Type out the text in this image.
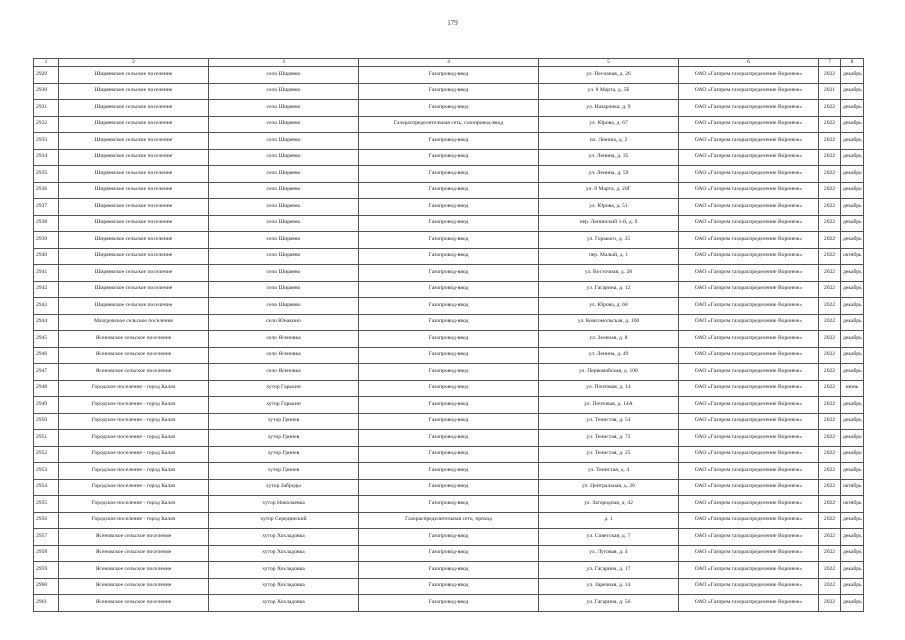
179
1	2	3	4	5	6	7	8
2929	Ширяевское сельское поселение	село Ширяево	Газопровод-ввод	ул. Песчаная, д. 26	ОАО «Газпром газораспределение Воронеж»	2022	декабрь
2930	Ширяевское сельское поселение	село Ширяево	Газопровод-ввод	ул. 8 Марта, д. 5Б	ОАО «Газпром газораспределение Воронеж»	2021	декабрь
2931	Ширяевское сельское поселение	село Ширяево	Газопровод-ввод	ул. Назарчика, д. 9	ОАО «Газпром газораспределение Воронеж»	2022	декабрь
2932	Ширяевское сельское поселение	село Ширяево	Газораспределительная сеть, газопровод-ввод	ул. Юрова, д. 67	ОАО «Газпром газораспределение Воронеж»	2022	декабрь
2933	Ширяевское сельское поселение	село Ширяево	Газопровод-ввод	пл. Ленина, д. 2	ОАО «Газпром газораспределение Воронеж»	2022	декабрь
2934	Ширяевское сельское поселение	село Ширяево	Газопровод-ввод	ул. Ленина, д. 35	ОАО «Газпром газораспределение Воронеж»	2022	декабрь
2935	Ширяевское сельское поселение	село Ширяево	Газопровод-ввод	ул. Ленина, д. 59	ОАО «Газпром газораспределение Воронеж»	2022	декабрь
2936	Ширяевское сельское поселение	село Ширяево	Газопровод-ввод	ул. 8 Марта, д. 20Г	ОАО «Газпром газораспределение Воронеж»	2022	декабрь
2937	Ширяевское сельское поселение	село Ширяево	Газопровод-ввод	ул. Юрова, д. 51	ОАО «Газпром газораспределение Воронеж»	2022	декабрь
2938	Ширяевское сельское поселение	село Ширяево	Газопровод-ввод	пер. Ленинский 1-й, д. 9	ОАО «Газпром газораспределение Воронеж»	2022	декабрь
2939	Ширяевское сельское поселение	село Ширяево	Газопровод-ввод	ул. Горького, д. 35	ОАО «Газпром газораспределение Воронеж»	2022	декабрь
2940	Ширяевское сельское поселение	село Ширяево	Газопровод-ввод	пер. Малый, д. 1	ОАО «Газпром газораспределение Воронеж»	2022	октябрь
2941	Ширяевское сельское поселение	село Ширяево	Газопровод-ввод	ул. Восточная, д. 28	ОАО «Газпром газораспределение Воронеж»	2022	декабрь
2942	Ширяевское сельское поселение	село Ширяево	Газопровод-ввод	ул. Гагарина, д. 12	ОАО «Газпром газораспределение Воронеж»	2022	декабрь
2943	Ширяевское сельское поселение	село Ширяево	Газопровод-ввод	ул. Юрова, д. 68	ОАО «Газпром газораспределение Воронеж»	2022	декабрь
2944	Мазуровское сельское поселение	село Юнакино	Газопровод-ввод	ул. Комсомольская, д. 106	ОАО «Газпром газораспределение Воронеж»	2022	декабрь
2945	Ясеновское сельское поселение	село Ясеновка	Газопровод-ввод	ул. Зеленая, д. 8	ОАО «Газпром газораспределение Воронеж»	2022	декабрь
2946	Ясеновское сельское поселение	село Ясеновка	Газопровод-ввод	ул. Ленина, д. 49	ОАО «Газпром газораспределение Воронеж»	2022	декабрь
2947	Ясеновское сельское поселение	село Ясеновка	Газопровод-ввод	ул. Первомайская, д. 100	ОАО «Газпром газораспределение Воронеж»	2022	декабрь
2948	Городское поселение - город Калач	хутор Гарькин	Газопровод-ввод	ул. Почтовая, д. 14	ОАО «Газпром газораспределение Воронеж»	2022	июнь
2949	Городское поселение - город Калач	хутор Гарькин	Газопровод-ввод	ул. Почтовая, д. 14А	ОАО «Газпром газораспределение Воронеж»	2022	декабрь
2950	Городское поселение - город Калач	хутор Гринев	Газопровод-ввод	ул. Тенистая, д. 54	ОАО «Газпром газораспределение Воронеж»	2022	декабрь
2951	Городское поселение - город Калач	хутор Гринев	Газопровод-ввод	ул. Тенистая, д. 73	ОАО «Газпром газораспределение Воронеж»	2022	декабрь
2952	Городское поселение - город Калач	хутор Гринев	Газопровод-ввод	ул. Тенистая, д. 25	ОАО «Газпром газораспределение Воронеж»	2022	декабрь
2953	Городское поселение - город Калач	хутор Гринев	Газопровод-ввод	ул. Тенистая, д. 4	ОАО «Газпром газораспределение Воронеж»	2022	декабрь
2954	Городское поселение - город Калач	хутор Заброды	Газопровод-ввод	ул. Центральная, д. 26	ОАО «Газпром газораспределение Воронеж»	2022	октябрь
2955	Городское поселение - город Калач	хутор Николаевка	Газопровод-ввод	ул. Загородная, д. 42	ОАО «Газпром газораспределение Воронеж»	2022	октябрь
2956	Городское поселение - город Калач	хутор Серединский	Газораспределительная сеть, проход	д. 1	ОАО «Газпром газораспределение Воронеж»	2022	декабрь
2957	Ясеновское сельское поселение	хутор Хохладовка	Газопровод-ввод	ул. Советская, д. 7	ОАО «Газпром газораспределение Воронеж»	2022	декабрь
2958	Ясеновское сельское поселение	хутор Хохладовка	Газопровод-ввод	ул. Луговая, д. 4	ОАО «Газпром газораспределение Воронеж»	2022	декабрь
2959	Ясеновское сельское поселение	хутор Хохладовка	Газопровод-ввод	ул. Гагарина, д. 17	ОАО «Газпром газораспределение Воронеж»	2022	декабрь
2960	Ясеновское сельское поселение	хутор Хохладовка	Газопровод-ввод	ул. Заречная, д. 14	ОАО «Газпром газораспределение Воронеж»	2022	декабрь
2961	Ясеновское сельское поселение	хутор Хохладовка	Газопровод-ввод	ул. Гагарина, д. 56	ОАО «Газпром газораспределение Воронеж»	2022	декабрь
